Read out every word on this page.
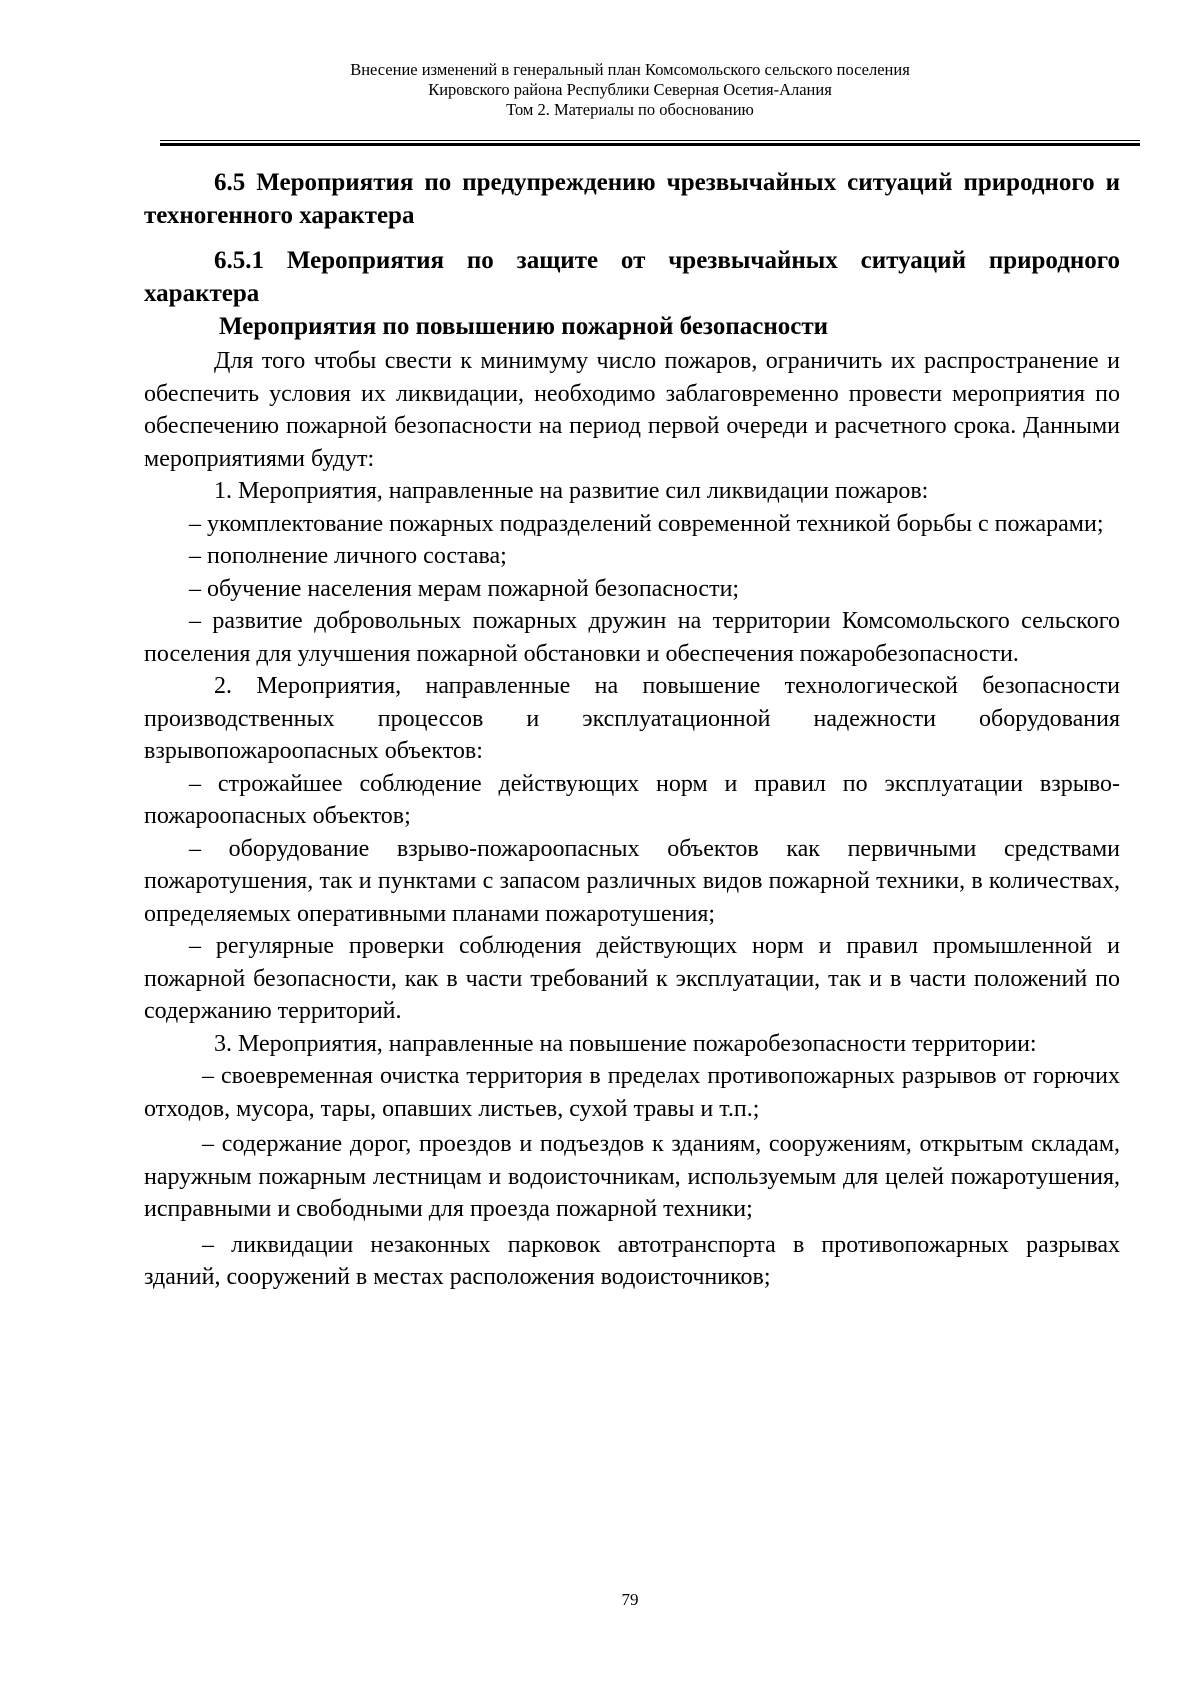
Внесение изменений в генеральный план Комсомольского сельского поселения
Кировского района Республики Северная Осетия-Алания
Том 2. Материалы по обоснованию

6.5 Мероприятия по предупреждению чрезвычайных ситуаций природного и техногенного характера

6.5.1 Мероприятия по защите от чрезвычайных ситуаций природного характера

Мероприятия по повышению пожарной безопасности

Для того чтобы свести к минимуму число пожаров, ограничить их распространение и обеспечить условия их ликвидации, необходимо заблаговременно провести мероприятия по обеспечению пожарной безопасности на период первой очереди и расчетного срока. Данными мероприятиями будут:

1. Мероприятия, направленные на развитие сил ликвидации пожаров:

– укомплектование пожарных подразделений современной техникой борьбы с пожарами;

– пополнение личного состава;

– обучение населения мерам пожарной безопасности;

– развитие добровольных пожарных дружин на территории Комсомольского сельского поселения для улучшения пожарной обстановки и обеспечения пожаробезопасности.

2. Мероприятия, направленные на повышение технологической безопасности производственных процессов и эксплуатационной надежности оборудования взрывопожароопасных объектов:

– строжайшее соблюдение действующих норм и правил по эксплуатации взрыво-пожароопасных объектов;

– оборудование взрыво-пожароопасных объектов как первичными средствами пожаротушения, так и пунктами с запасом различных видов пожарной техники, в количествах, определяемых оперативными планами пожаротушения;

– регулярные проверки соблюдения действующих норм и правил промышленной и пожарной безопасности, как в части требований к эксплуатации, так и в части положений по содержанию территорий.

3. Мероприятия, направленные на повышение пожаробезопасности территории:

– своевременная очистка территория в пределах противопожарных разрывов от горючих отходов, мусора, тары, опавших листьев, сухой травы и т.п.;

– содержание дорог, проездов и подъездов к зданиям, сооружениям, открытым складам, наружным пожарным лестницам и водоисточникам, используемым для целей пожаротушения, исправными и свободными для проезда пожарной техники;

– ликвидации незаконных парковок автотранспорта в противопожарных разрывах зданий, сооружений в местах расположения водоисточников;

79
